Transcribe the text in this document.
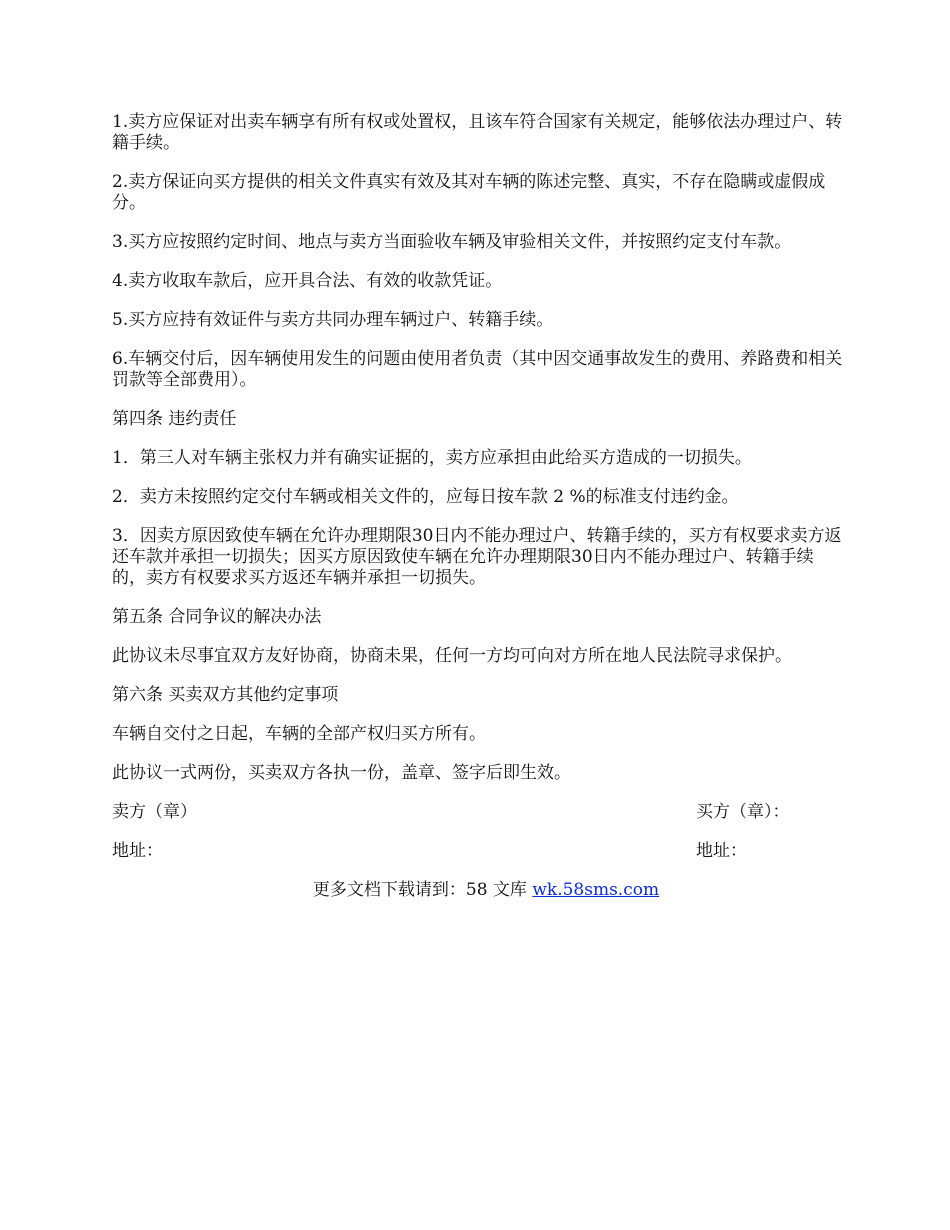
1.卖方应保证对出卖车辆享有所有权或处置权，且该车符合国家有关规定，能够依法办理过户、转籍手续。

2.卖方保证向买方提供的相关文件真实有效及其对车辆的陈述完整、真实，不存在隐瞒或虚假成分。

3.买方应按照约定时间、地点与卖方当面验收车辆及审验相关文件，并按照约定支付车款。

4.卖方收取车款后，应开具合法、有效的收款凭证。

5.买方应持有效证件与卖方共同办理车辆过户、转籍手续。

6.车辆交付后，因车辆使用发生的问题由使用者负责（其中因交通事故发生的费用、养路费和相关罚款等全部费用）。

第四条 违约责任

1．第三人对车辆主张权力并有确实证据的，卖方应承担由此给买方造成的一切损失。

2．卖方未按照约定交付车辆或相关文件的，应每日按车款 2 %的标准支付违约金。

3．因卖方原因致使车辆在允许办理期限30日内不能办理过户、转籍手续的，买方有权要求卖方返还车款并承担一切损失；因买方原因致使车辆在允许办理期限30日内不能办理过户、转籍手续的，卖方有权要求买方返还车辆并承担一切损失。

第五条 合同争议的解决办法

此协议未尽事宜双方友好协商，协商未果，任何一方均可向对方所在地人民法院寻求保护。

第六条 买卖双方其他约定事项

车辆自交付之日起，车辆的全部产权归买方所有。

此协议一式两份，买卖双方各执一份，盖章、签字后即生效。

卖方（章）	买方（章）：
地址：	地址：
更多文档下载请到：58 文库 wk.58sms.com
